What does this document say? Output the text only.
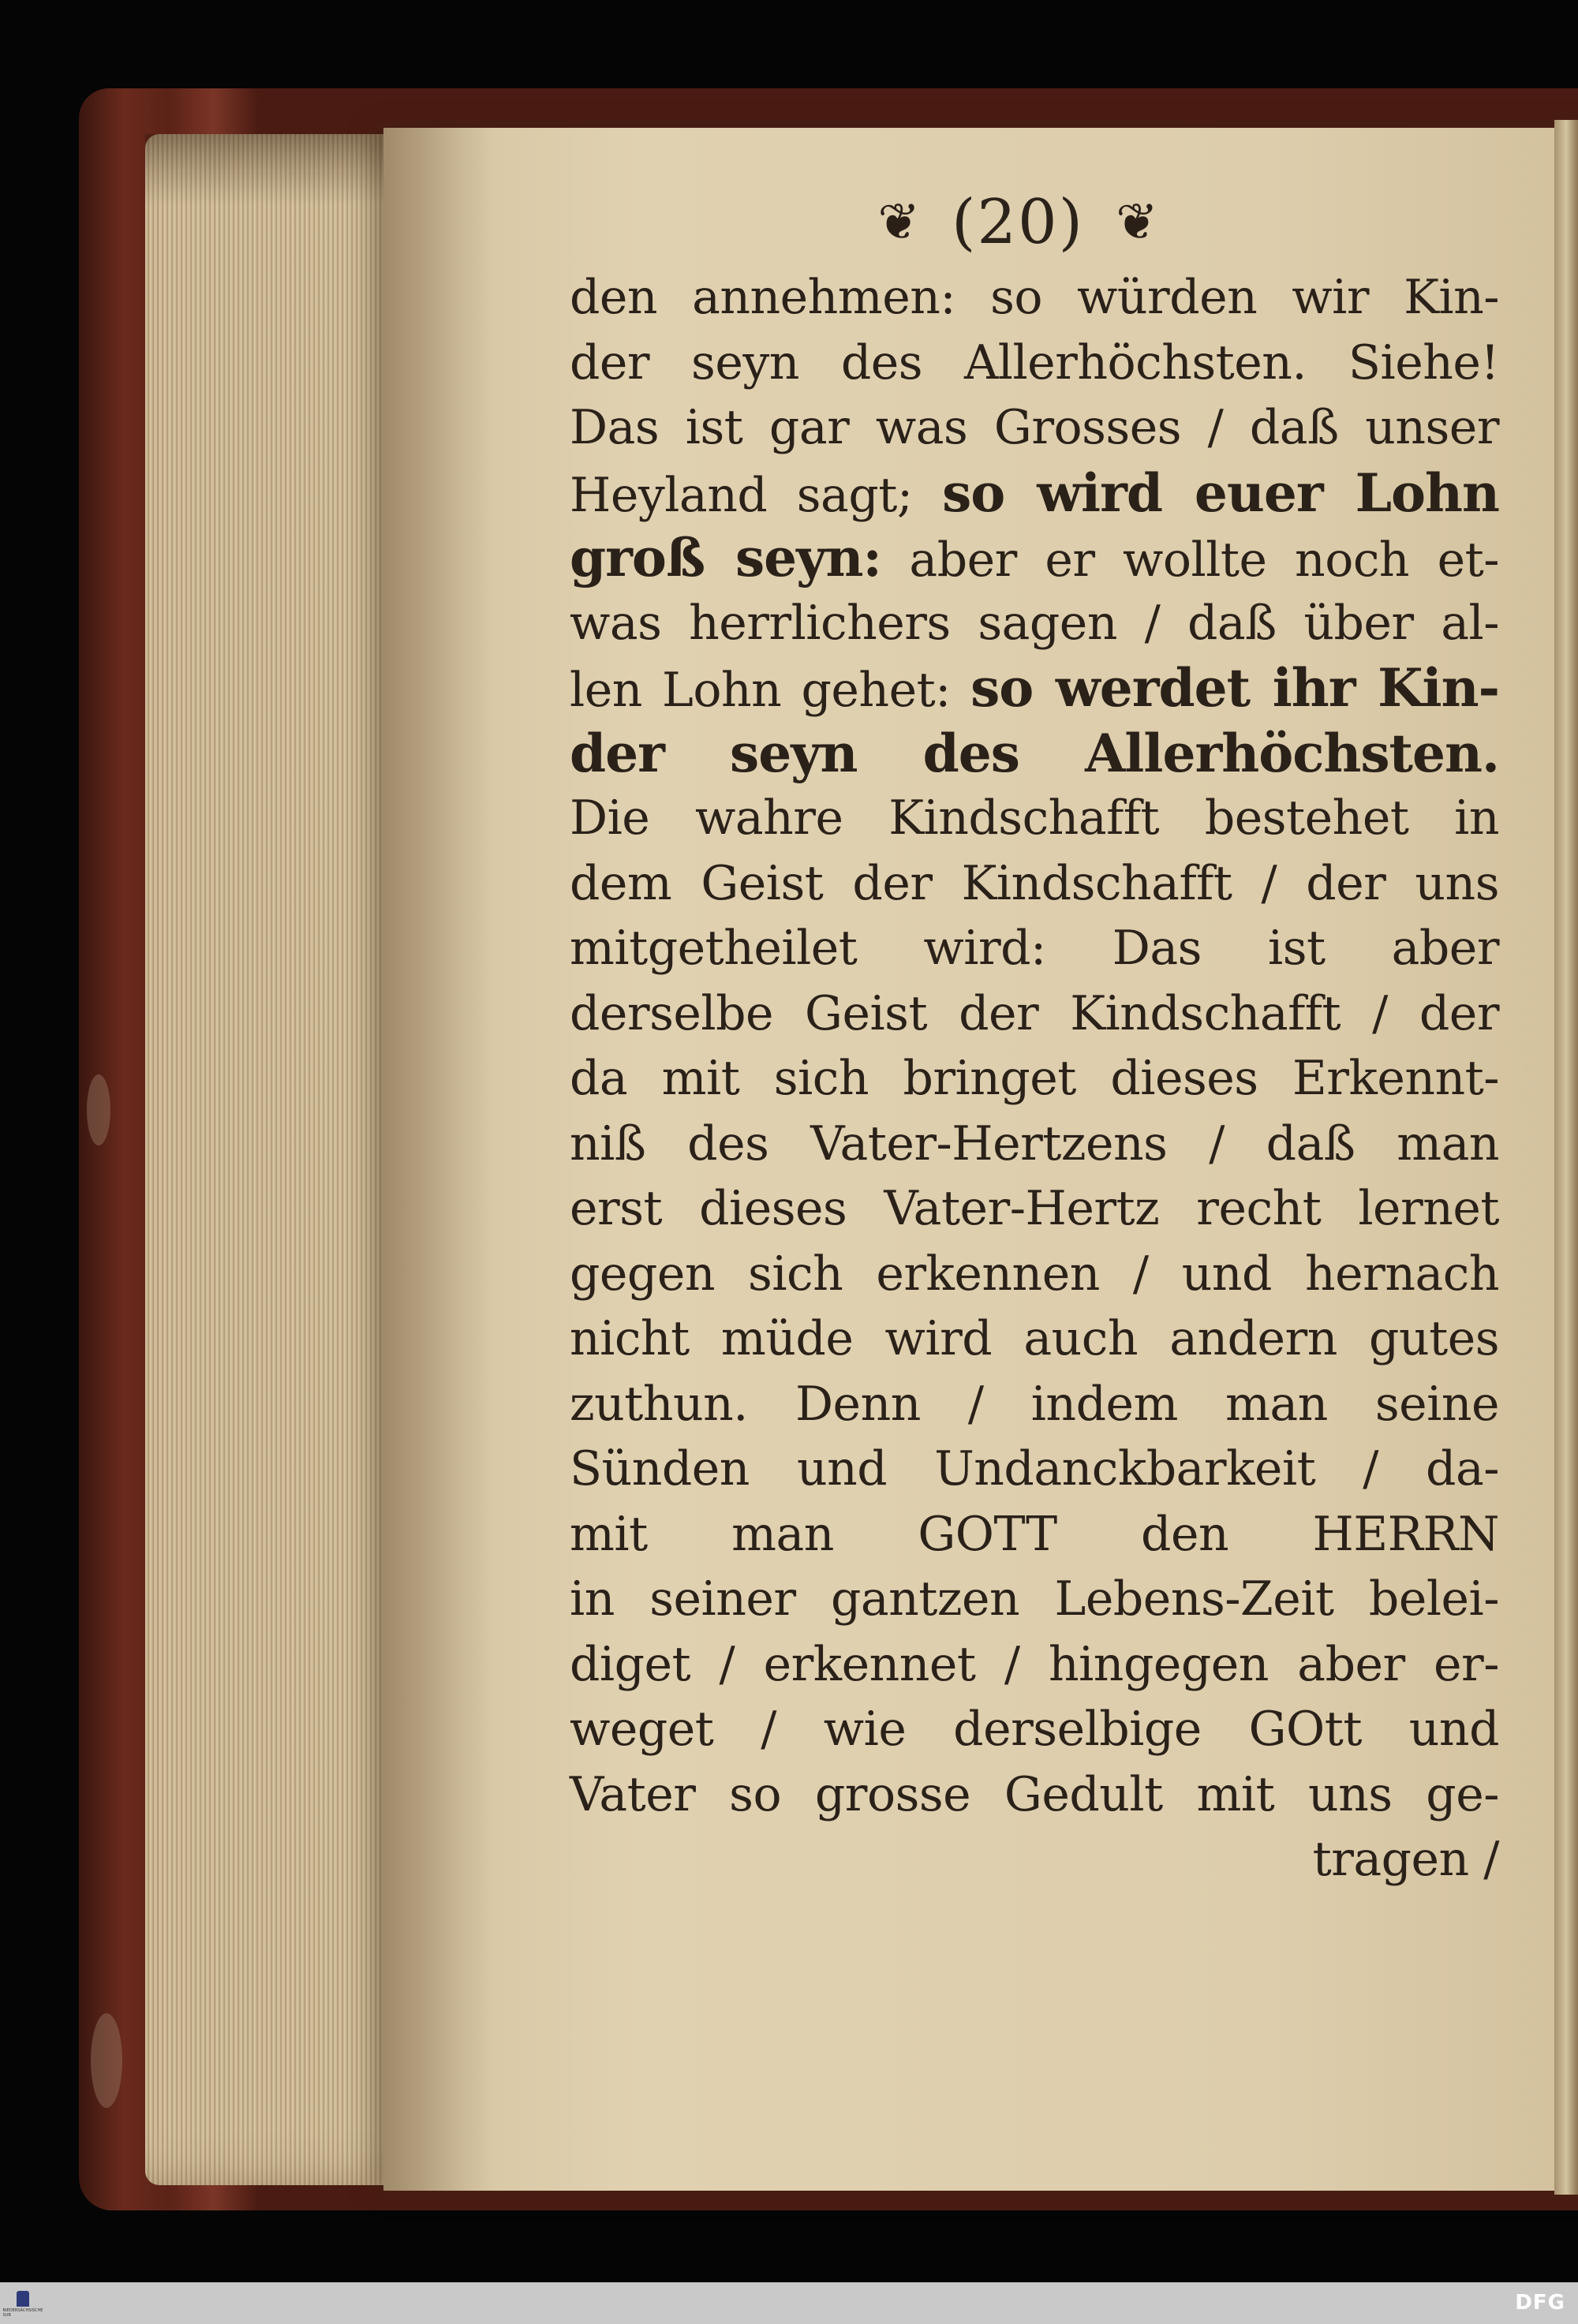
❦ (20) ❦
den annehmen: so würden wir Kin-
der seyn des Allerhöchsten. Siehe!
Das ist gar was Grosses / daß unser
Heyland sagt; so wird euer Lohn
groß seyn: aber er wollte noch et-
was herrlichers sagen / daß über al-
len Lohn gehet: so werdet ihr Kin-
der seyn des Allerhöchsten.
Die wahre Kindschafft bestehet in
dem Geist der Kindschafft / der uns
mitgetheilet wird: Das ist aber
derselbe Geist der Kindschafft / der
da mit sich bringet dieses Erkennt-
niß des Vater-Hertzens / daß man
erst dieses Vater-Hertz recht lernet
gegen sich erkennen / und hernach
nicht müde wird auch andern gutes
zuthun. Denn / indem man seine
Sünden und Undanckbarkeit / da-
mit man GOTT den HERRN
in seiner gantzen Lebens-Zeit belei-
diget / erkennet / hingegen aber er-
weget / wie derselbige GOtt und
Vater so grosse Gedult mit uns ge-
tragen /
NIEDERSÄCHSISCHE SUB
DFG
